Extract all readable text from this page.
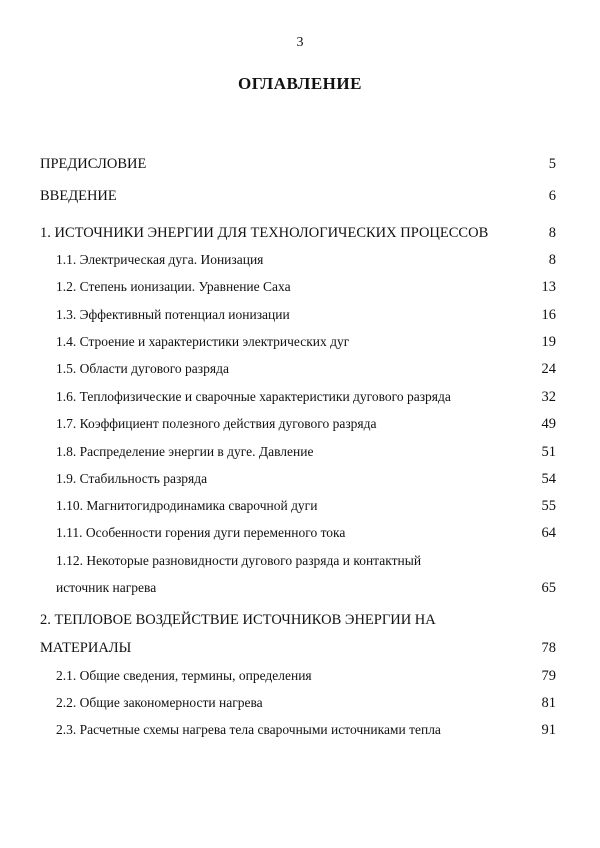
3
ОГЛАВЛЕНИЕ
ПРЕДИСЛОВИЕ	5
ВВЕДЕНИЕ	6
1. ИСТОЧНИКИ ЭНЕРГИИ ДЛЯ ТЕХНОЛОГИЧЕСКИХ ПРОЦЕССОВ	8
1.1. Электрическая дуга. Ионизация	8
1.2. Степень ионизации. Уравнение Саха	13
1.3. Эффективный потенциал ионизации	16
1.4. Строение и характеристики электрических дуг	19
1.5. Области дугового разряда	24
1.6. Теплофизические и сварочные характеристики дугового разряда	32
1.7. Коэффициент полезного действия дугового разряда	49
1.8. Распределение энергии в дуге. Давление	51
1.9. Стабильность разряда	54
1.10. Магнитогидродинамика сварочной дуги	55
1.11. Особенности горения дуги переменного тока	64
1.12. Некоторые разновидности дугового разряда и контактный
источник нагрева	65
2. ТЕПЛОВОЕ ВОЗДЕЙСТВИЕ ИСТОЧНИКОВ ЭНЕРГИИ НА
МАТЕРИАЛЫ	78
2.1. Общие сведения, термины, определения	79
2.2. Общие закономерности нагрева	81
2.3. Расчетные схемы нагрева тела сварочными источниками тепла	91
